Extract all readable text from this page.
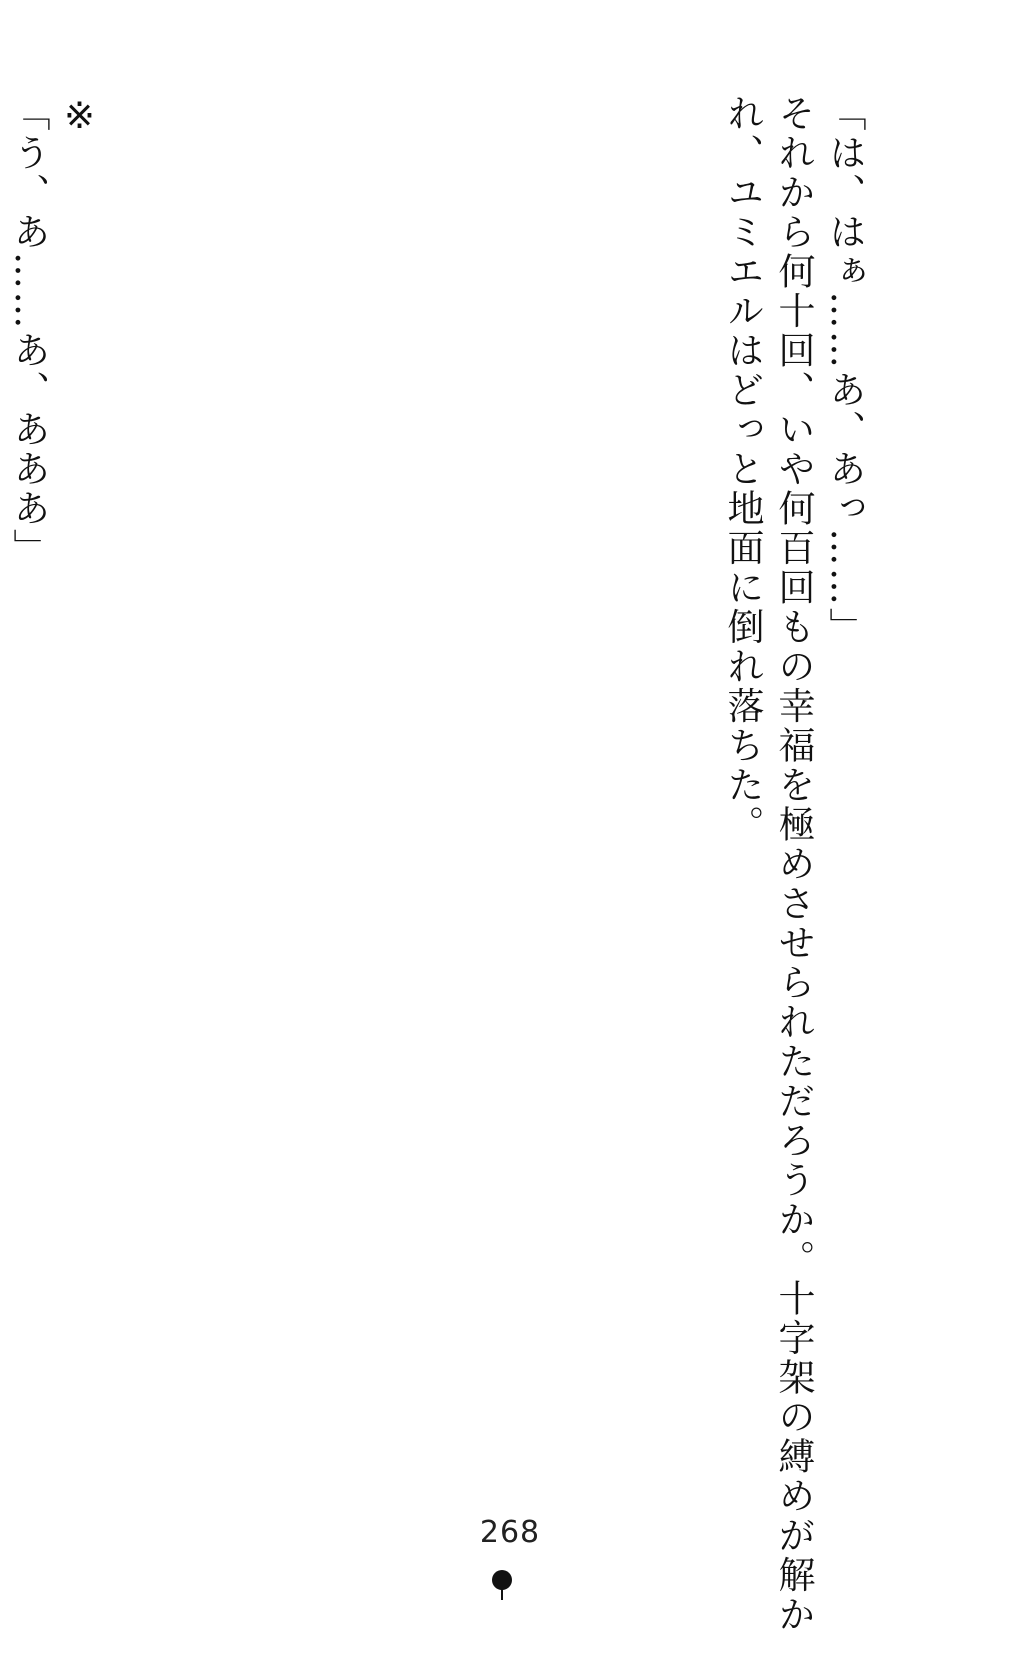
「は、はぁ……あ、あっ……」

それから何十回、いや何百回もの幸福を極めさせられただろうか。十字架の縛めが解か

れ、ユミエルはどっと地面に倒れ落ちた。

※

「う、あ……あ、あああ」

268
